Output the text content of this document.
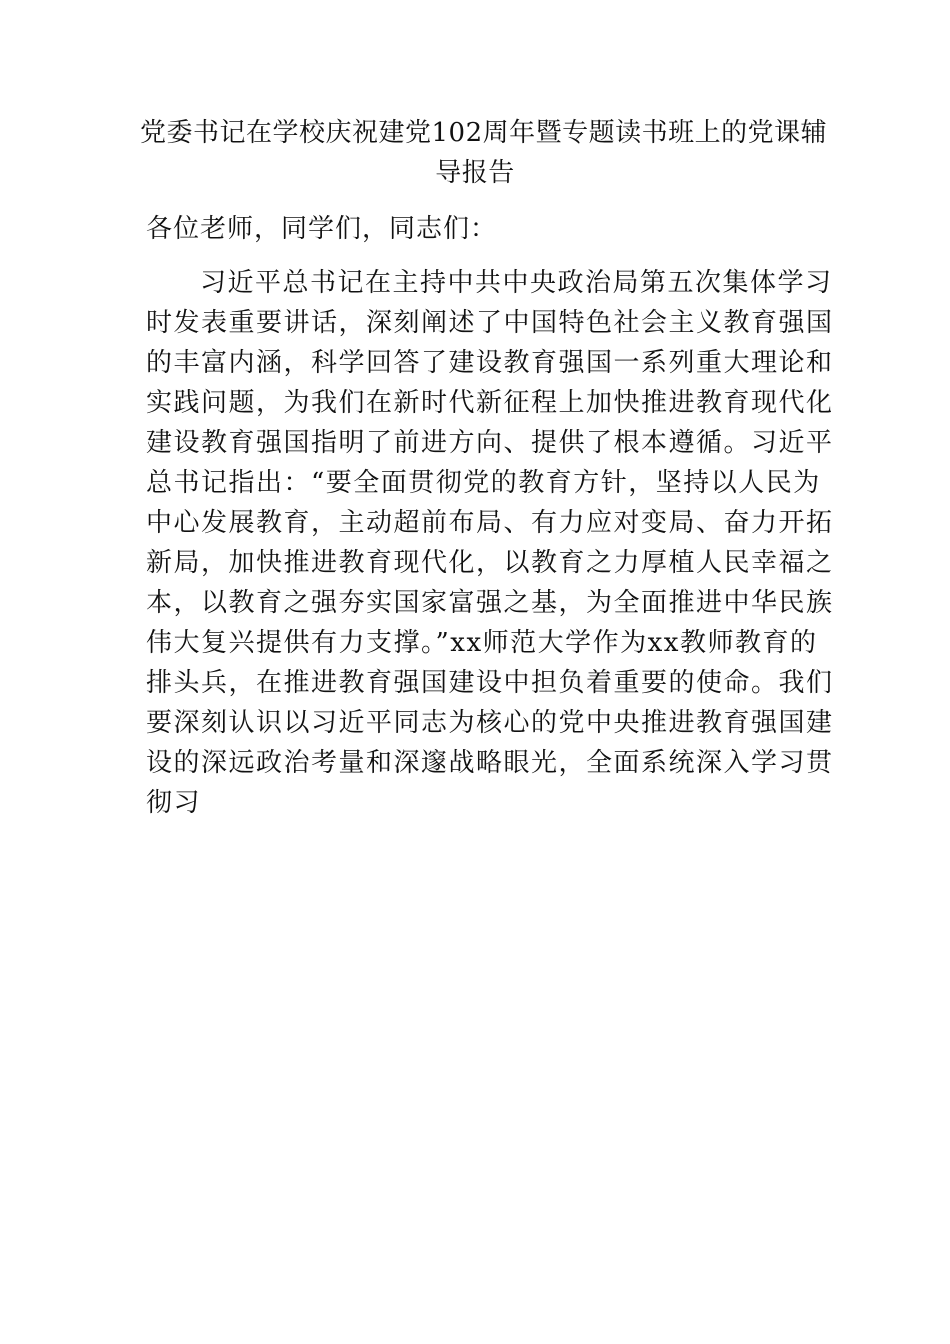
党委书记在学校庆祝建党102周年暨专题读书班上的党课辅
导报告
各位老师，同学们，同志们：
习近平总书记在主持中共中央政治局第五次集体学习
时发表重要讲话，深刻阐述了中国特色社会主义教育强国
的丰富内涵，科学回答了建设教育强国一系列重大理论和
实践问题，为我们在新时代新征程上加快推进教育现代化
建设教育强国指明了前进方向、提供了根本遵循。习近平
总书记指出：“要全面贯彻党的教育方针，坚持以人民为
中心发展教育，主动超前布局、有力应对变局、奋力开拓
新局，加快推进教育现代化，以教育之力厚植人民幸福之
本，以教育之强夯实国家富强之基，为全面推进中华民族
伟大复兴提供有力支撑。”xx师范大学作为xx教师教育的
排头兵，在推进教育强国建设中担负着重要的使命。我们
要深刻认识以习近平同志为核心的党中央推进教育强国建
设的深远政治考量和深邃战略眼光，全面系统深入学习贯
彻习
